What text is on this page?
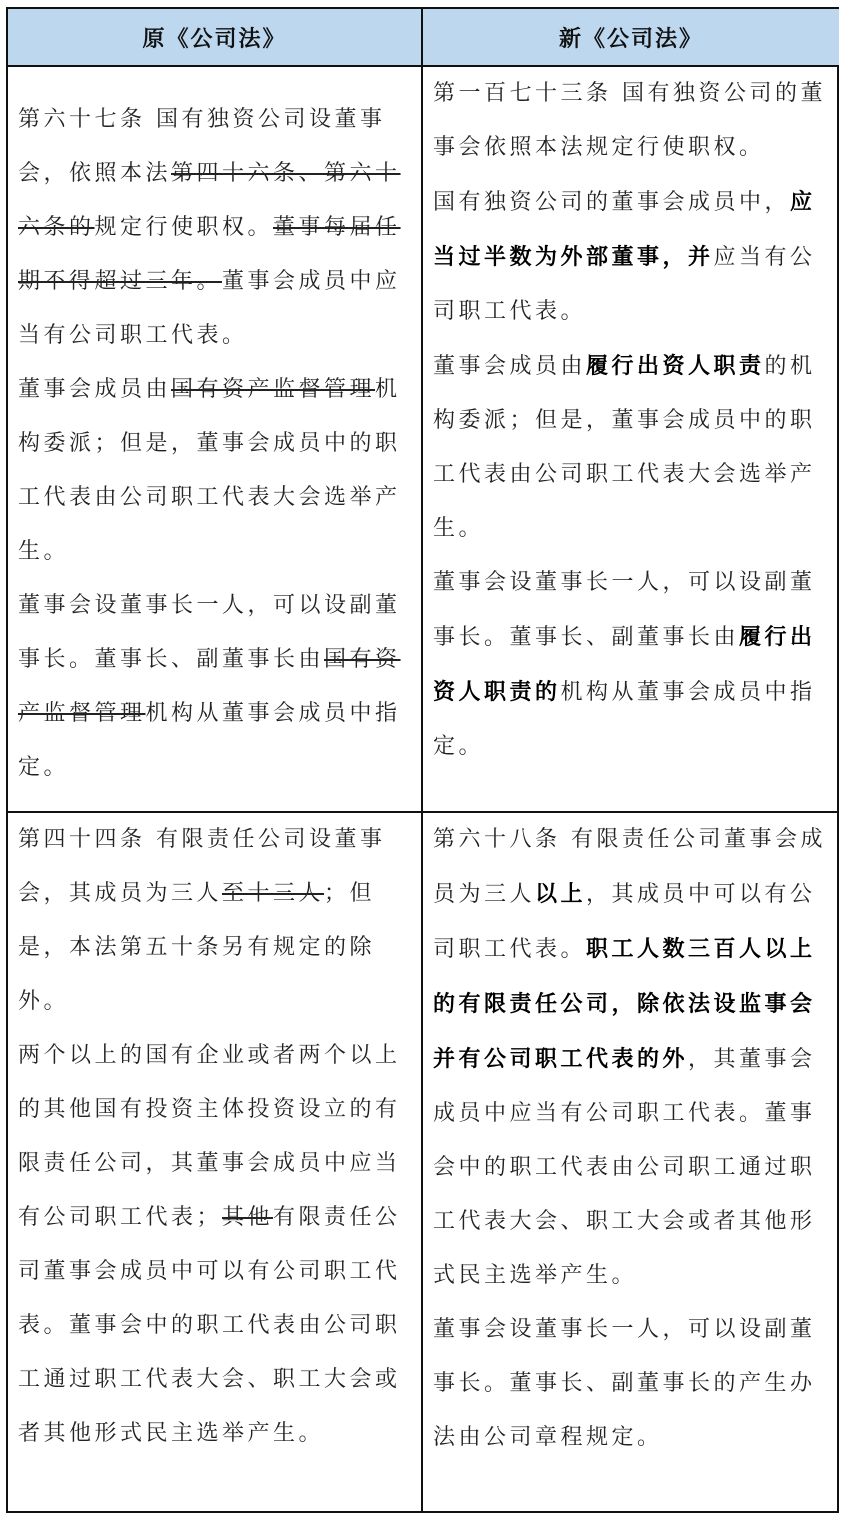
原《公司法》	新《公司法》

第六十七条 国有独资公司设董事会，依照本法第四十六条、第六十六条的规定行使职权。董事每届任期不得超过三年。董事会成员中应当有公司职工代表。

董事会成员由国有资产监督管理机构委派；但是，董事会成员中的职工代表由公司职工代表大会选举产生。

董事会设董事长一人，可以设副董事长。董事长、副董事长由国有资产监督管理机构从董事会成员中指定。

第一百七十三条 国有独资公司的董事会依照本法规定行使职权。

国有独资公司的董事会成员中，应当过半数为外部董事，并应当有公司职工代表。

董事会成员由履行出资人职责的机构委派；但是，董事会成员中的职工代表由公司职工代表大会选举产生。

董事会设董事长一人，可以设副董事长。董事长、副董事长由履行出资人职责的机构从董事会成员中指定。

第四十四条 有限责任公司设董事会，其成员为三人至十三人；但是，本法第五十条另有规定的除外。

两个以上的国有企业或者两个以上的其他国有投资主体投资设立的有限责任公司，其董事会成员中应当有公司职工代表；其他有限责任公司董事会成员中可以有公司职工代表。董事会中的职工代表由公司职工通过职工代表大会、职工大会或者其他形式民主选举产生。

第六十八条 有限责任公司董事会成员为三人以上，其成员中可以有公司职工代表。职工人数三百人以上的有限责任公司，除依法设监事会并有公司职工代表的外，其董事会成员中应当有公司职工代表。董事会中的职工代表由公司职工通过职工代表大会、职工大会或者其他形式民主选举产生。

董事会设董事长一人，可以设副董事长。董事长、副董事长的产生办法由公司章程规定。
